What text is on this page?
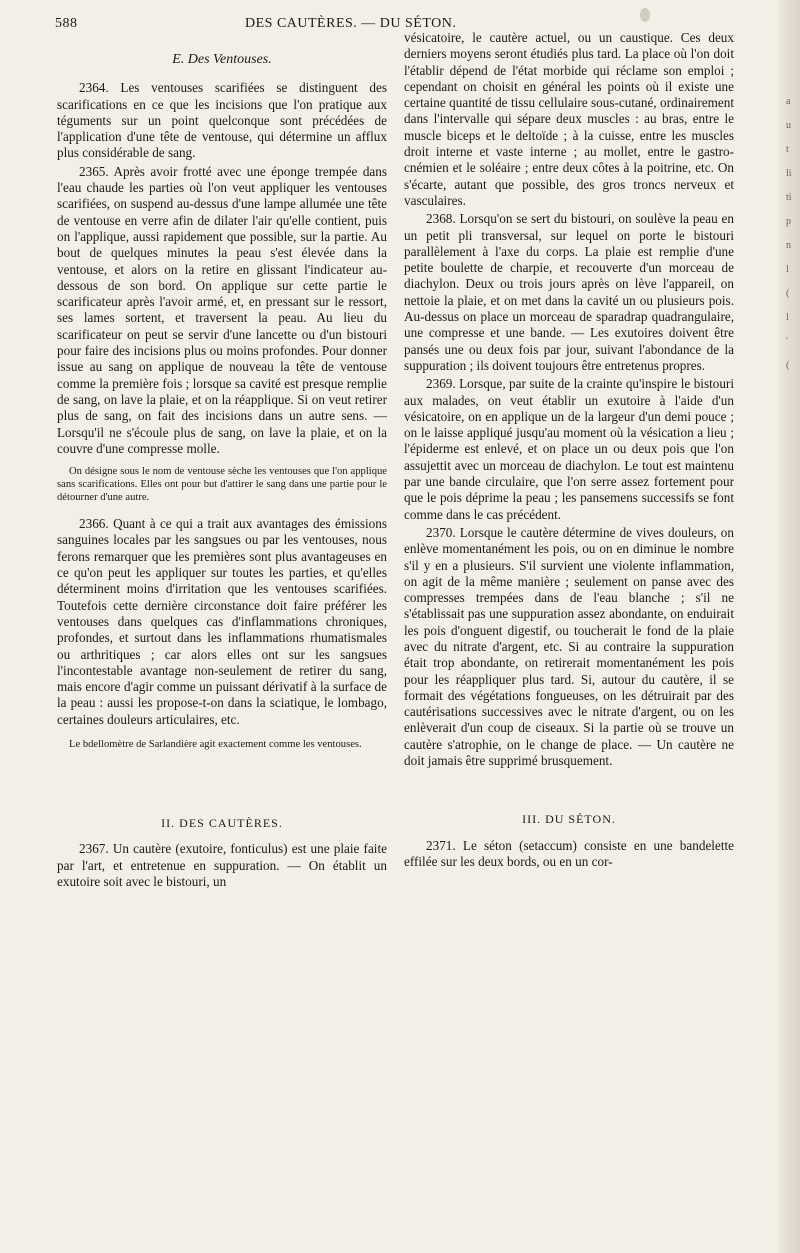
588	DES CAUTÈRES. — DU SÉTON.
E. Des Ventouses.

2364. Les ventouses scarifiées se distinguent des scarifications en ce que les incisions que l'on pratique aux téguments sur un point quelconque sont précédées de l'application d'une tête de ventouse, qui détermine un afflux plus considérable de sang.

2365. Après avoir frotté avec une éponge trempée dans l'eau chaude les parties où l'on veut appliquer les ventouses scarifiées, on suspend au-dessus d'une lampe allumée une tête de ventouse en verre afin de dilater l'air qu'elle contient, puis on l'applique, aussi rapidement que possible, sur la partie. Au bout de quelques minutes la peau s'est élevée dans la ventouse, et alors on la retire en glissant l'indicateur au-dessous de son bord. On applique sur cette partie le scarificateur après l'avoir armé, et, en pressant sur le ressort, ses lames sortent, et traversent la peau. Au lieu du scarificateur on peut se servir d'une lancette ou d'un bistouri pour faire des incisions plus ou moins profondes. Pour donner issue au sang on applique de nouveau la tête de ventouse comme la première fois ; lorsque sa cavité est presque remplie de sang, on lave la plaie, et on la réapplique. Si on veut retirer plus de sang, on fait des incisions dans un autre sens. — Lorsqu'il ne s'écoule plus de sang, on lave la plaie, et on la couvre d'une compresse molle.

On désigne sous le nom de ventouse sèche les ventouses que l'on applique sans scarifications. Elles ont pour but d'attirer le sang dans une partie pour le détourner d'une autre.

2366. Quant à ce qui a trait aux avantages des émissions sanguines locales par les sangsues ou par les ventouses, nous ferons remarquer que les premières sont plus avantageuses en ce qu'on peut les appliquer sur toutes les parties, et qu'elles déterminent moins d'irritation que les ventouses scarifiées. Toutefois cette dernière circonstance doit faire préférer les ventouses dans quelques cas d'inflammations chroniques, profondes, et surtout dans les inflammations rhumatismales ou arthritiques ; car alors elles ont sur les sangsues l'incontestable avantage non-seulement de retirer du sang, mais encore d'agir comme un puissant dérivatif à la surface de la peau : aussi les propose-t-on dans la sciatique, le lombago, certaines douleurs articulaires, etc.

Le bdellomètre de Sarlandière agit exactement comme les ventouses.

II. DES CAUTÈRES.

2367. Un cautère (exutoire, fonticulus) est une plaie faite par l'art, et entretenue en suppuration. — On établit un exutoire soit avec le bistouri, un

vésicatoire, le cautère actuel, ou un caustique. Ces deux derniers moyens seront étudiés plus tard. La place où l'on doit l'établir dépend de l'état morbide qui réclame son emploi ; cependant on choisit en général les points où il existe une certaine quantité de tissu cellulaire sous-cutané, ordinairement dans l'intervalle qui sépare deux muscles : au bras, entre le muscle biceps et le deltoïde ; à la cuisse, entre les muscles droit interne et vaste interne ; au mollet, entre le gastro-cnémien et le soléaire ; entre deux côtes à la poitrine, etc. On s'écarte, autant que possible, des gros troncs nerveux et vasculaires.

2368. Lorsqu'on se sert du bistouri, on soulève la peau en un petit pli transversal, sur lequel on porte le bistouri parallèlement à l'axe du corps. La plaie est remplie d'une petite boulette de charpie, et recouverte d'un morceau de diachylon. Deux ou trois jours après on lève l'appareil, on nettoie la plaie, et on met dans la cavité un ou plusieurs pois. Au-dessus on place un morceau de sparadrap quadrangulaire, une compresse et une bande. — Les exutoires doivent être pansés une ou deux fois par jour, suivant l'abondance de la suppuration ; ils doivent toujours être entretenus propres.

2369. Lorsque, par suite de la crainte qu'inspire le bistouri aux malades, on veut établir un exutoire à l'aide d'un vésicatoire, on en applique un de la largeur d'un demi pouce ; on le laisse appliqué jusqu'au moment où la vésication a lieu ; l'épiderme est enlevé, et on place un ou deux pois que l'on assujettit avec un morceau de diachylon. Le tout est maintenu par une bande circulaire, que l'on serre assez fortement pour que le pois déprime la peau ; les pansemens successifs se font comme dans le cas précédent.

2370. Lorsque le cautère détermine de vives douleurs, on enlève momentanément les pois, ou on en diminue le nombre s'il y en a plusieurs. S'il survient une violente inflammation, on agit de la même manière ; seulement on panse avec des compresses trempées dans de l'eau blanche ; s'il ne s'établissait pas une suppuration assez abondante, on enduirait les pois d'onguent digestif, ou toucherait le fond de la plaie avec du nitrate d'argent, etc. Si au contraire la suppuration était trop abondante, on retirerait momentanément les pois pour les réappliquer plus tard. Si, autour du cautère, il se formait des végétations fongueuses, on les détruirait par des cautérisations successives avec le nitrate d'argent, ou on les enlèverait d'un coup de ciseaux. Si la partie où se trouve un cautère s'atrophie, on le change de place. — Un cautère ne doit jamais être supprimé brusquement.

III. DU SÉTON.

2371. Le séton (setaccum) consiste en une bandelette effilée sur les deux bords, ou en un cor-

a
u
t
li
ti
p
n
l
(
l
'
(
